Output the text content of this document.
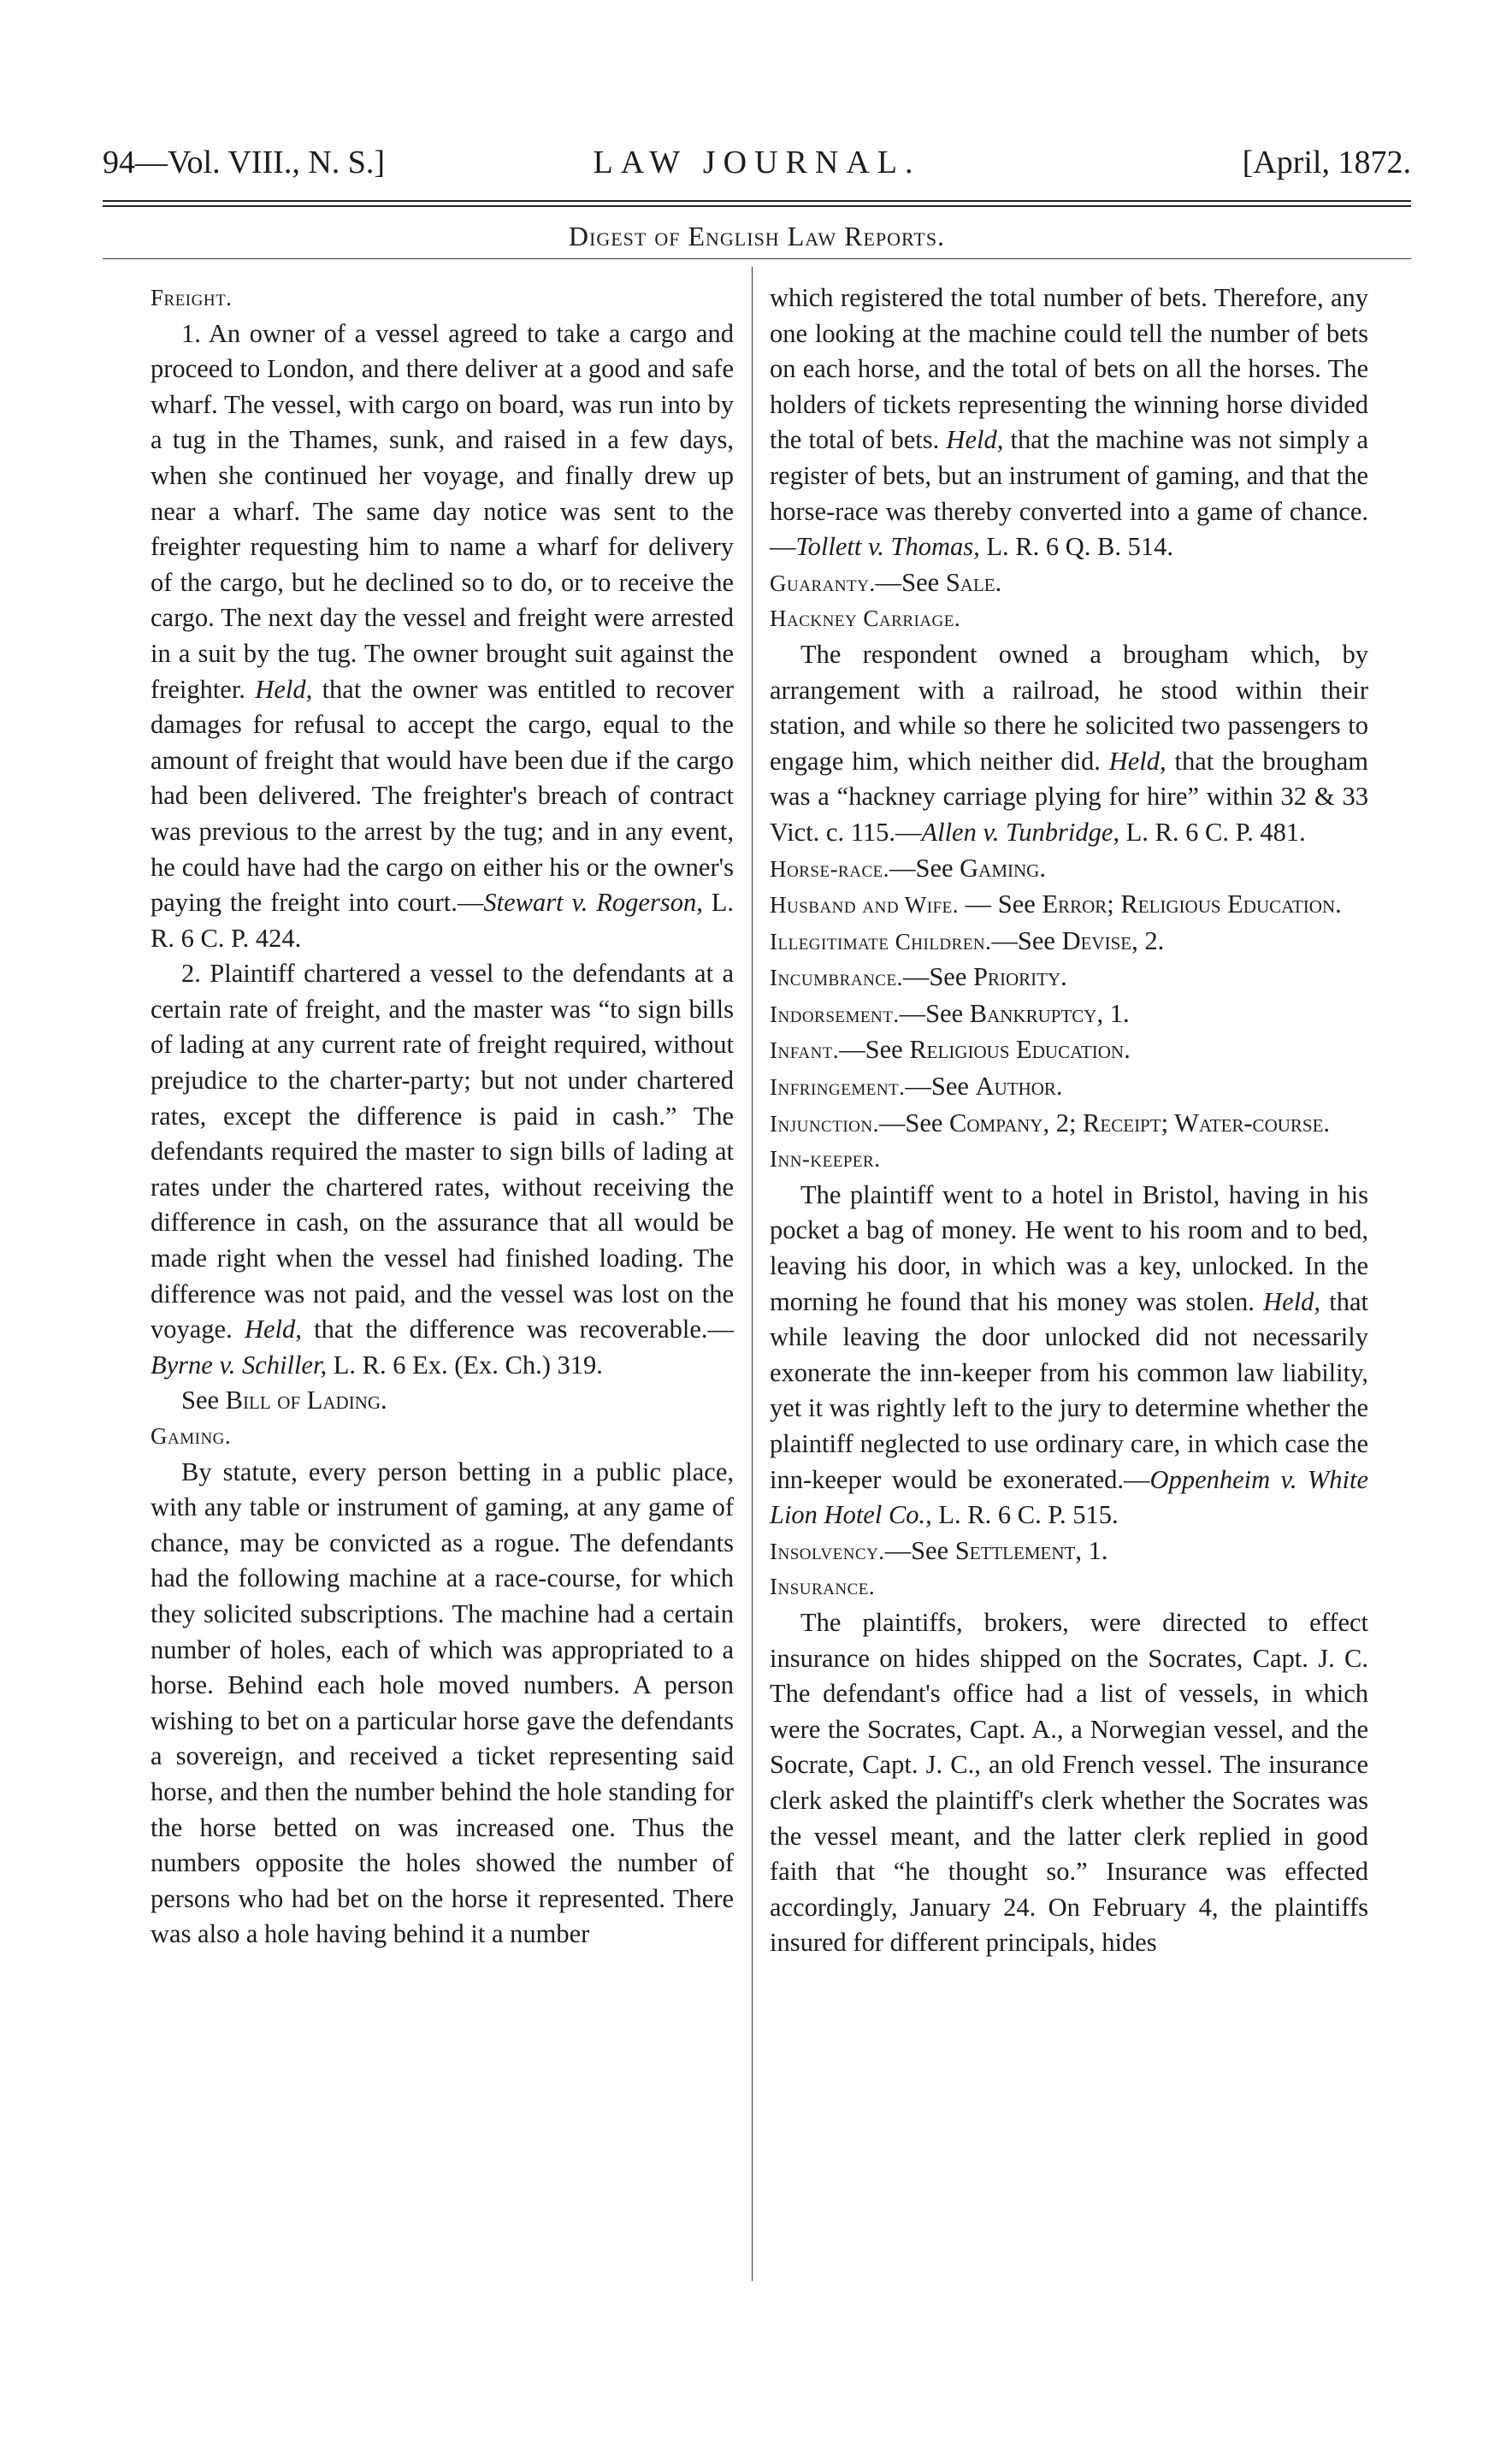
94—Vol. VIII., N. S.]	LAW JOURNAL.	[April, 1872.
Digest of English Law Reports.

Freight.

1. An owner of a vessel agreed to take a cargo and proceed to London, and there deliver at a good and safe wharf. The vessel, with cargo on board, was run into by a tug in the Thames, sunk, and raised in a few days, when she continued her voyage, and finally drew up near a wharf. The same day notice was sent to the freighter requesting him to name a wharf for delivery of the cargo, but he declined so to do, or to receive the cargo. The next day the vessel and freight were arrested in a suit by the tug. The owner brought suit against the freighter. Held, that the owner was entitled to recover damages for refusal to accept the cargo, equal to the amount of freight that would have been due if the cargo had been delivered. The freighter's breach of contract was previous to the arrest by the tug; and in any event, he could have had the cargo on either his or the owner's paying the freight into court.—Stewart v. Rogerson, L. R. 6 C. P. 424.

2. Plaintiff chartered a vessel to the defendants at a certain rate of freight, and the master was “to sign bills of lading at any current rate of freight required, without prejudice to the charter-party; but not under chartered rates, except the difference is paid in cash.” The defendants required the master to sign bills of lading at rates under the chartered rates, without receiving the difference in cash, on the assurance that all would be made right when the vessel had finished loading. The difference was not paid, and the vessel was lost on the voyage. Held, that the difference was recoverable.—Byrne v. Schiller, L. R. 6 Ex. (Ex. Ch.) 319.

See Bill of Lading.

Gaming.

By statute, every person betting in a public place, with any table or instrument of gaming, at any game of chance, may be convicted as a rogue. The defendants had the following machine at a race-course, for which they solicited subscriptions. The machine had a certain number of holes, each of which was appropriated to a horse. Behind each hole moved numbers. A person wishing to bet on a particular horse gave the defendants a sovereign, and received a ticket representing said horse, and then the number behind the hole standing for the horse betted on was increased one. Thus the numbers opposite the holes showed the number of persons who had bet on the horse it represented. There was also a hole having behind it a number

which registered the total number of bets. Therefore, any one looking at the machine could tell the number of bets on each horse, and the total of bets on all the horses. The holders of tickets representing the winning horse divided the total of bets. Held, that the machine was not simply a register of bets, but an instrument of gaming, and that the horse-race was thereby converted into a game of chance.—Tollett v. Thomas, L. R. 6 Q. B. 514.

Guaranty.—See Sale.

Hackney Carriage.

The respondent owned a brougham which, by arrangement with a railroad, he stood within their station, and while so there he solicited two passengers to engage him, which neither did. Held, that the brougham was a “hackney carriage plying for hire” within 32 & 33 Vict. c. 115.—Allen v. Tunbridge, L. R. 6 C. P. 481.

Horse-race.—See Gaming.

Husband and Wife. — See Error; Religious Education.

Illegitimate Children.—See Devise, 2.

Incumbrance.—See Priority.

Indorsement.—See Bankruptcy, 1.

Infant.—See Religious Education.

Infringement.—See Author.

Injunction.—See Company, 2; Receipt; Water-course.

Inn-keeper.

The plaintiff went to a hotel in Bristol, having in his pocket a bag of money. He went to his room and to bed, leaving his door, in which was a key, unlocked. In the morning he found that his money was stolen. Held, that while leaving the door unlocked did not necessarily exonerate the inn-keeper from his common law liability, yet it was rightly left to the jury to determine whether the plaintiff neglected to use ordinary care, in which case the inn-keeper would be exonerated.—Oppenheim v. White Lion Hotel Co., L. R. 6 C. P. 515.

Insolvency.—See Settlement, 1.

Insurance.

The plaintiffs, brokers, were directed to effect insurance on hides shipped on the Socrates, Capt. J. C. The defendant's office had a list of vessels, in which were the Socrates, Capt. A., a Norwegian vessel, and the Socrate, Capt. J. C., an old French vessel. The insurance clerk asked the plaintiff's clerk whether the Socrates was the vessel meant, and the latter clerk replied in good faith that “he thought so.” Insurance was effected accordingly, January 24. On February 4, the plaintiffs insured for different principals, hides
